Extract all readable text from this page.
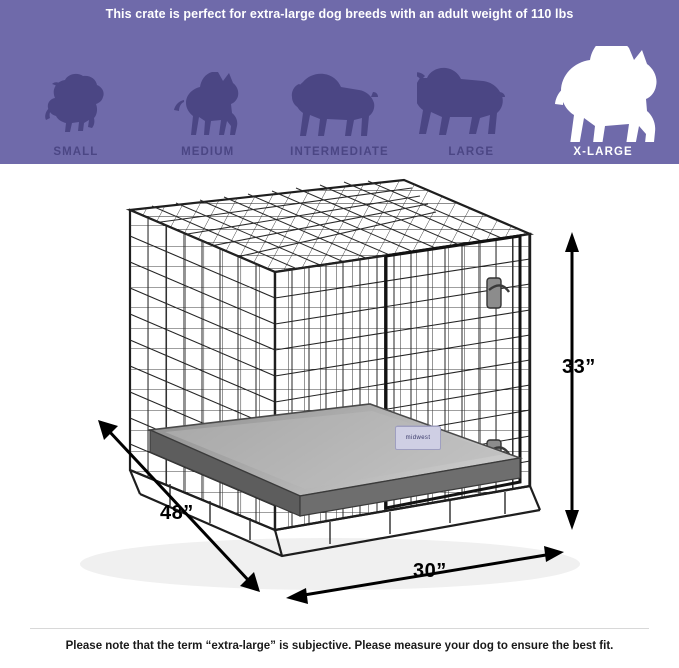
This crate is perfect for extra-large dog breeds with an adult weight of 110 lbs
SMALL	MEDIUM	INTERMEDIATE	LARGE	X-LARGE
midwest
33”
48”
30”
Please note that the term “extra-large” is subjective. Please measure your dog to ensure the best fit.
